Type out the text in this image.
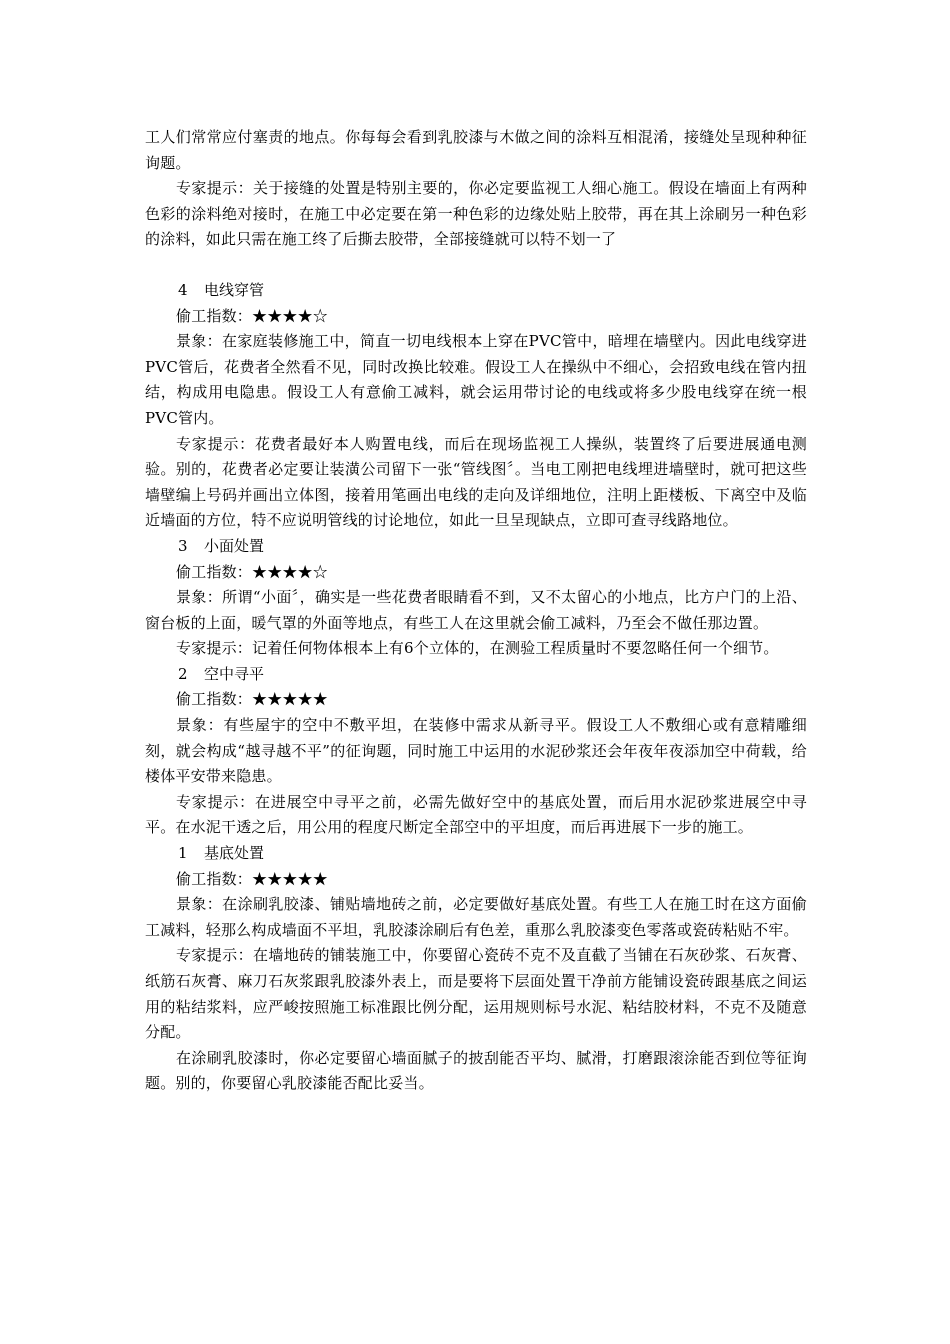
工人们常常应付塞责的地点。你每每会看到乳胶漆与木做之间的涂料互相混淆，接缝处呈现种种征询题。

专家提示：关于接缝的处置是特别主要的，你必定要监视工人细心施工。假设在墙面上有两种色彩的涂料绝对接时，在施工中必定要在第一种色彩的边缘处贴上胶带，再在其上涂刷另一种色彩的涂料，如此只需在施工终了后撕去胶带，全部接缝就可以特不划一了

4 电线穿管

偷工指数：★★★★☆

景象：在家庭装修施工中，简直一切电线根本上穿在PVC管中，暗埋在墙壁内。因此电线穿进PVC管后，花费者全然看不见，同时改换比较难。假设工人在操纵中不细心，会招致电线在管内扭结，构成用电隐患。假设工人有意偷工减料，就会运用带讨论的电线或将多少股电线穿在统一根PVC管内。

专家提示：花费者最好本人购置电线，而后在现场监视工人操纵，装置终了后要进展通电测验。别的，花费者必定要让装潢公司留下一张“管线图〞。当电工刚把电线埋进墙壁时，就可把这些墙壁编上号码并画出立体图，接着用笔画出电线的走向及详细地位，注明上距楼板、下离空中及临近墙面的方位，特不应说明管线的讨论地位，如此一旦呈现缺点，立即可查寻线路地位。

3 小面处置

偷工指数：★★★★☆

景象：所谓“小面〞，确实是一些花费者眼睛看不到，又不太留心的小地点，比方户门的上沿、窗台板的上面，暖气罩的外面等地点，有些工人在这里就会偷工减料，乃至会不做任那边置。

专家提示：记着任何物体根本上有6个立体的，在测验工程质量时不要忽略任何一个细节。

2 空中寻平

偷工指数：★★★★★

景象：有些屋宇的空中不敷平坦，在装修中需求从新寻平。假设工人不敷细心或有意精雕细刻，就会构成“越寻越不平”的征询题，同时施工中运用的水泥砂浆还会年夜年夜添加空中荷载，给楼体平安带来隐患。

专家提示：在进展空中寻平之前，必需先做好空中的基底处置，而后用水泥砂浆进展空中寻平。在水泥干透之后，用公用的程度尺断定全部空中的平坦度，而后再进展下一步的施工。

1 基底处置

偷工指数：★★★★★

景象：在涂刷乳胶漆、铺贴墙地砖之前，必定要做好基底处置。有些工人在施工时在这方面偷工减料，轻那么构成墙面不平坦，乳胶漆涂刷后有色差，重那么乳胶漆变色零落或瓷砖粘贴不牢。

专家提示：在墙地砖的铺装施工中，你要留心瓷砖不克不及直截了当铺在石灰砂浆、石灰膏、纸筋石灰膏、麻刀石灰浆跟乳胶漆外表上，而是要将下层面处置干净前方能铺设瓷砖跟基底之间运用的粘结浆料，应严峻按照施工标准跟比例分配，运用规则标号水泥、粘结胶材料，不克不及随意分配。

在涂刷乳胶漆时，你必定要留心墙面腻子的披刮能否平均、腻滑，打磨跟滚涂能否到位等征询题。别的，你要留心乳胶漆能否配比妥当。
